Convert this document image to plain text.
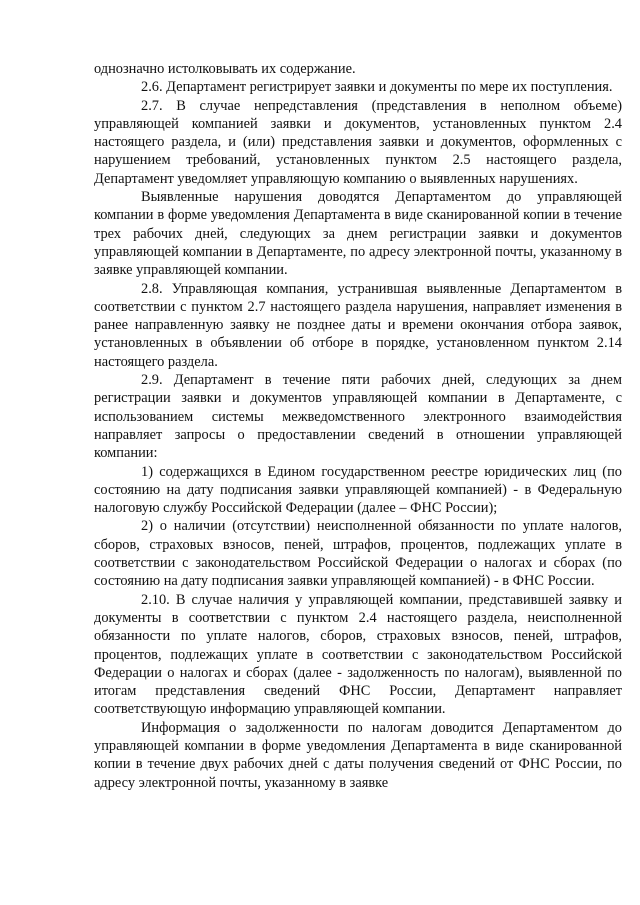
однозначно истолковывать их содержание.

2.6. Департамент регистрирует заявки и документы по мере их поступления.

2.7. В случае непредставления (представления в неполном объеме) управляющей компанией заявки и документов, установленных пунктом 2.4 настоящего раздела, и (или) представления заявки и документов, оформленных с нарушением требований, установленных пунктом 2.5 настоящего раздела, Департамент уведомляет управляющую компанию о выявленных нарушениях.

Выявленные нарушения доводятся Департаментом до управляющей компании в форме уведомления Департамента в виде сканированной копии в течение трех рабочих дней, следующих за днем регистрации заявки и документов управляющей компании в Департаменте, по адресу электронной почты, указанному в заявке управляющей компании.

2.8. Управляющая компания, устранившая выявленные Департаментом в соответствии с пунктом 2.7 настоящего раздела нарушения, направляет изменения в ранее направленную заявку не позднее даты и времени окончания отбора заявок, установленных в объявлении об отборе в порядке, установленном пунктом 2.14 настоящего раздела.

2.9. Департамент в течение пяти рабочих дней, следующих за днем регистрации заявки и документов управляющей компании в Департаменте, с использованием системы межведомственного электронного взаимодействия направляет запросы о предоставлении сведений в отношении управляющей компании:

1) содержащихся в Едином государственном реестре юридических лиц (по состоянию на дату подписания заявки управляющей компанией) - в Федеральную налоговую службу Российской Федерации (далее – ФНС России);

2) о наличии (отсутствии) неисполненной обязанности по уплате налогов, сборов, страховых взносов, пеней, штрафов, процентов, подлежащих уплате в соответствии с законодательством Российской Федерации о налогах и сборах (по состоянию на дату подписания заявки управляющей компанией) - в ФНС России.

2.10. В случае наличия у управляющей компании, представившей заявку и документы в соответствии с пунктом 2.4 настоящего раздела, неисполненной обязанности по уплате налогов, сборов, страховых взносов, пеней, штрафов, процентов, подлежащих уплате в соответствии с законодательством Российской Федерации о налогах и сборах (далее - задолженность по налогам), выявленной по итогам представления сведений ФНС России, Департамент направляет соответствующую информацию управляющей компании.

Информация о задолженности по налогам доводится Департаментом до управляющей компании в форме уведомления Департамента в виде сканированной копии в течение двух рабочих дней с даты получения сведений от ФНС России, по адресу электронной почты, указанному в заявке
